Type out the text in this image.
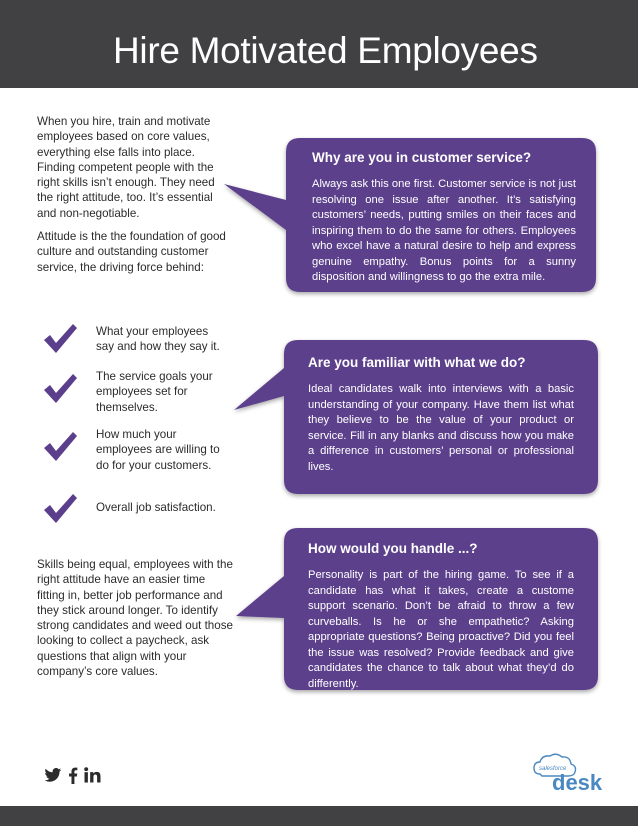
Hire Motivated Employees
When you hire, train and motivate employees based on core values, everything else falls into place. Finding competent people with the right skills isn’t enough. They need the right attitude, too. It’s essential and non-negotiable.
Attitude is the the foundation of good culture and outstanding customer service, the driving force behind:
What your employees say and how they say it.
The service goals your employees set for themselves.
How much your employees are willing to do for your customers.
Overall job satisfaction.
Skills being equal, employees with the right attitude have an easier time fitting in, better job performance and they stick around longer. To identify strong candidates and weed out those looking to collect a paycheck, ask questions that align with your company’s core values.
Why are you in customer service?
Always ask this one first. Customer service is not just resolving one issue after another. It’s satisfying customers’ needs, putting smiles on their faces and inspiring them to do the same for others. Employees who excel have a natural desire to help and express genuine empathy. Bonus points for a sunny disposition and willingness to go the extra mile.
Are you familiar with what we do?
Ideal candidates walk into interviews with a basic understanding of your company. Have them list what they believe to be the value of your product or service. Fill in any blanks and discuss how you make a difference in customers’ personal or professional lives.
How would you handle ...?
Personality is part of the hiring game. To see if a candidate has what it takes, create a custome support scenario. Don’t be afraid to throw a few curveballs. Is he or she empathetic? Asking appropriate questions? Being proactive? Did you feel the issue was resolved? Provide feedback and give candidates the chance to talk about what they’d do differently.
salesforce
desk
